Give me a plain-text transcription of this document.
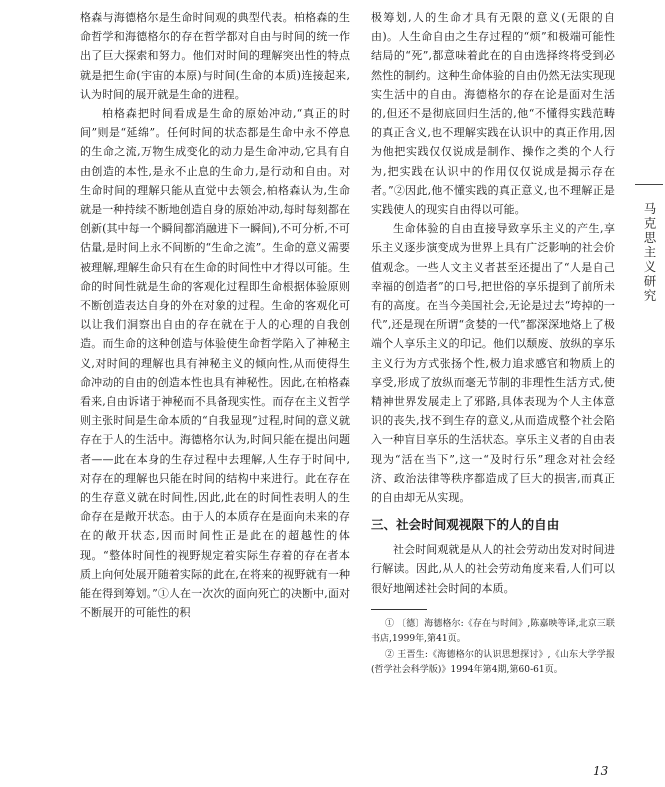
格森与海德格尔是生命时间观的典型代表。柏格森的生命哲学和海德格尔的存在哲学都对自由与时间的统一作出了巨大探索和努力。他们对时间的理解突出性的特点就是把生命(宇宙的本原)与时间(生命的本质)连接起来,认为时间的展开就是生命的进程。

柏格森把时间看成是生命的原始冲动,“真正的时间”则是“延绵”。任何时间的状态都是生命中永不停息的生命之流,万物生成变化的动力是生命冲动,它具有自由创造的本性,是永不止息的生命力,是行动和自由。对生命时间的理解只能从直觉中去领会,柏格森认为,生命就是一种持续不断地创造自身的原始冲动,每时每刻都在创新(其中每一个瞬间都消融进下一瞬间),不可分析,不可估量,是时间上永不间断的“生命之流”。生命的意义需要被理解,理解生命只有在生命的时间性中才得以可能。生命的时间性就是生命的客观化过程即生命根据体验原则不断创造表达自身的外在对象的过程。生命的客观化可以让我们洞察出自由的存在就在于人的心理的自我创造。而生命的这种创造与体验使生命哲学陷入了神秘主义,对时间的理解也具有神秘主义的倾向性,从而使得生命冲动的自由的创造本性也具有神秘性。因此,在柏格森看来,自由诉诸于神秘而不具备现实性。而存在主义哲学则主张时间是生命本质的“自我显现”过程,时间的意义就存在于人的生活中。海德格尔认为,时间只能在提出问题者——此在本身的生存过程中去理解,人生存于时间中,对存在的理解也只能在时间的结构中来进行。此在存在的生存意义就在时间性,因此,此在的时间性表明人的生命存在是敞开状态。由于人的本质存在是面向未来的存在的敞开状态,因而时间性正是此在的超越性的体现。“整体时间性的视野规定着实际生存着的存在者本质上向何处展开随着实际的此在,在将来的视野就有一种能在得到筹划。”①人在一次次的面向死亡的决断中,面对不断展开的可能性的积

极筹划,人的生命才具有无限的意义(无限的自由)。人生命自由之生存过程的“烦”和极端可能性结局的“死”,都意味着此在的自由选择终将受到必然性的制约。这种生命体验的自由仍然无法实现现实生活中的自由。海德格尔的存在论是面对生活的,但还不是彻底回归生活的,他“不懂得实践范畴的真正含义,也不理解实践在认识中的真正作用,因为他把实践仅仅说成是制作、操作之类的个人行为,把实践在认识中的作用仅仅说成是揭示存在者。”②因此,他不懂实践的真正意义,也不理解正是实践使人的现实自由得以可能。

生命体验的自由直接导致享乐主义的产生,享乐主义逐步演变成为世界上具有广泛影响的社会价值观念。一些人文主义者甚至还提出了“人是自己幸福的创造者”的口号,把世俗的享乐提到了前所未有的高度。在当今美国社会,无论是过去“垮掉的一代”,还是现在所谓“贪婪的一代”都深深地烙上了极端个人享乐主义的印记。他们以颓废、放纵的享乐主义行为方式张扬个性,极力追求感官和物质上的享受,形成了放纵而毫无节制的非理性生活方式,使精神世界发展走上了邪路,具体表现为个人主体意识的丧失,找不到生存的意义,从而造成整个社会陷入一种盲目享乐的生活状态。享乐主义者的自由表现为“活在当下”,这一“及时行乐”理念对社会经济、政治法律等秩序都造成了巨大的损害,而真正的自由却无从实现。

三、社会时间观视限下的人的自由

社会时间观就是从人的社会劳动出发对时间进行解读。因此,从人的社会劳动角度来看,人们可以很好地阐述社会时间的本质。

① 〔德〕海德格尔:《存在与时间》,陈嘉映等译,北京三联书店,1999年,第41页。

② 王晋生:《海德格尔的认识思想探讨》,《山东大学学报(哲学社会科学版)》1994年第4期,第60-61页。

马克思主义研究
13
